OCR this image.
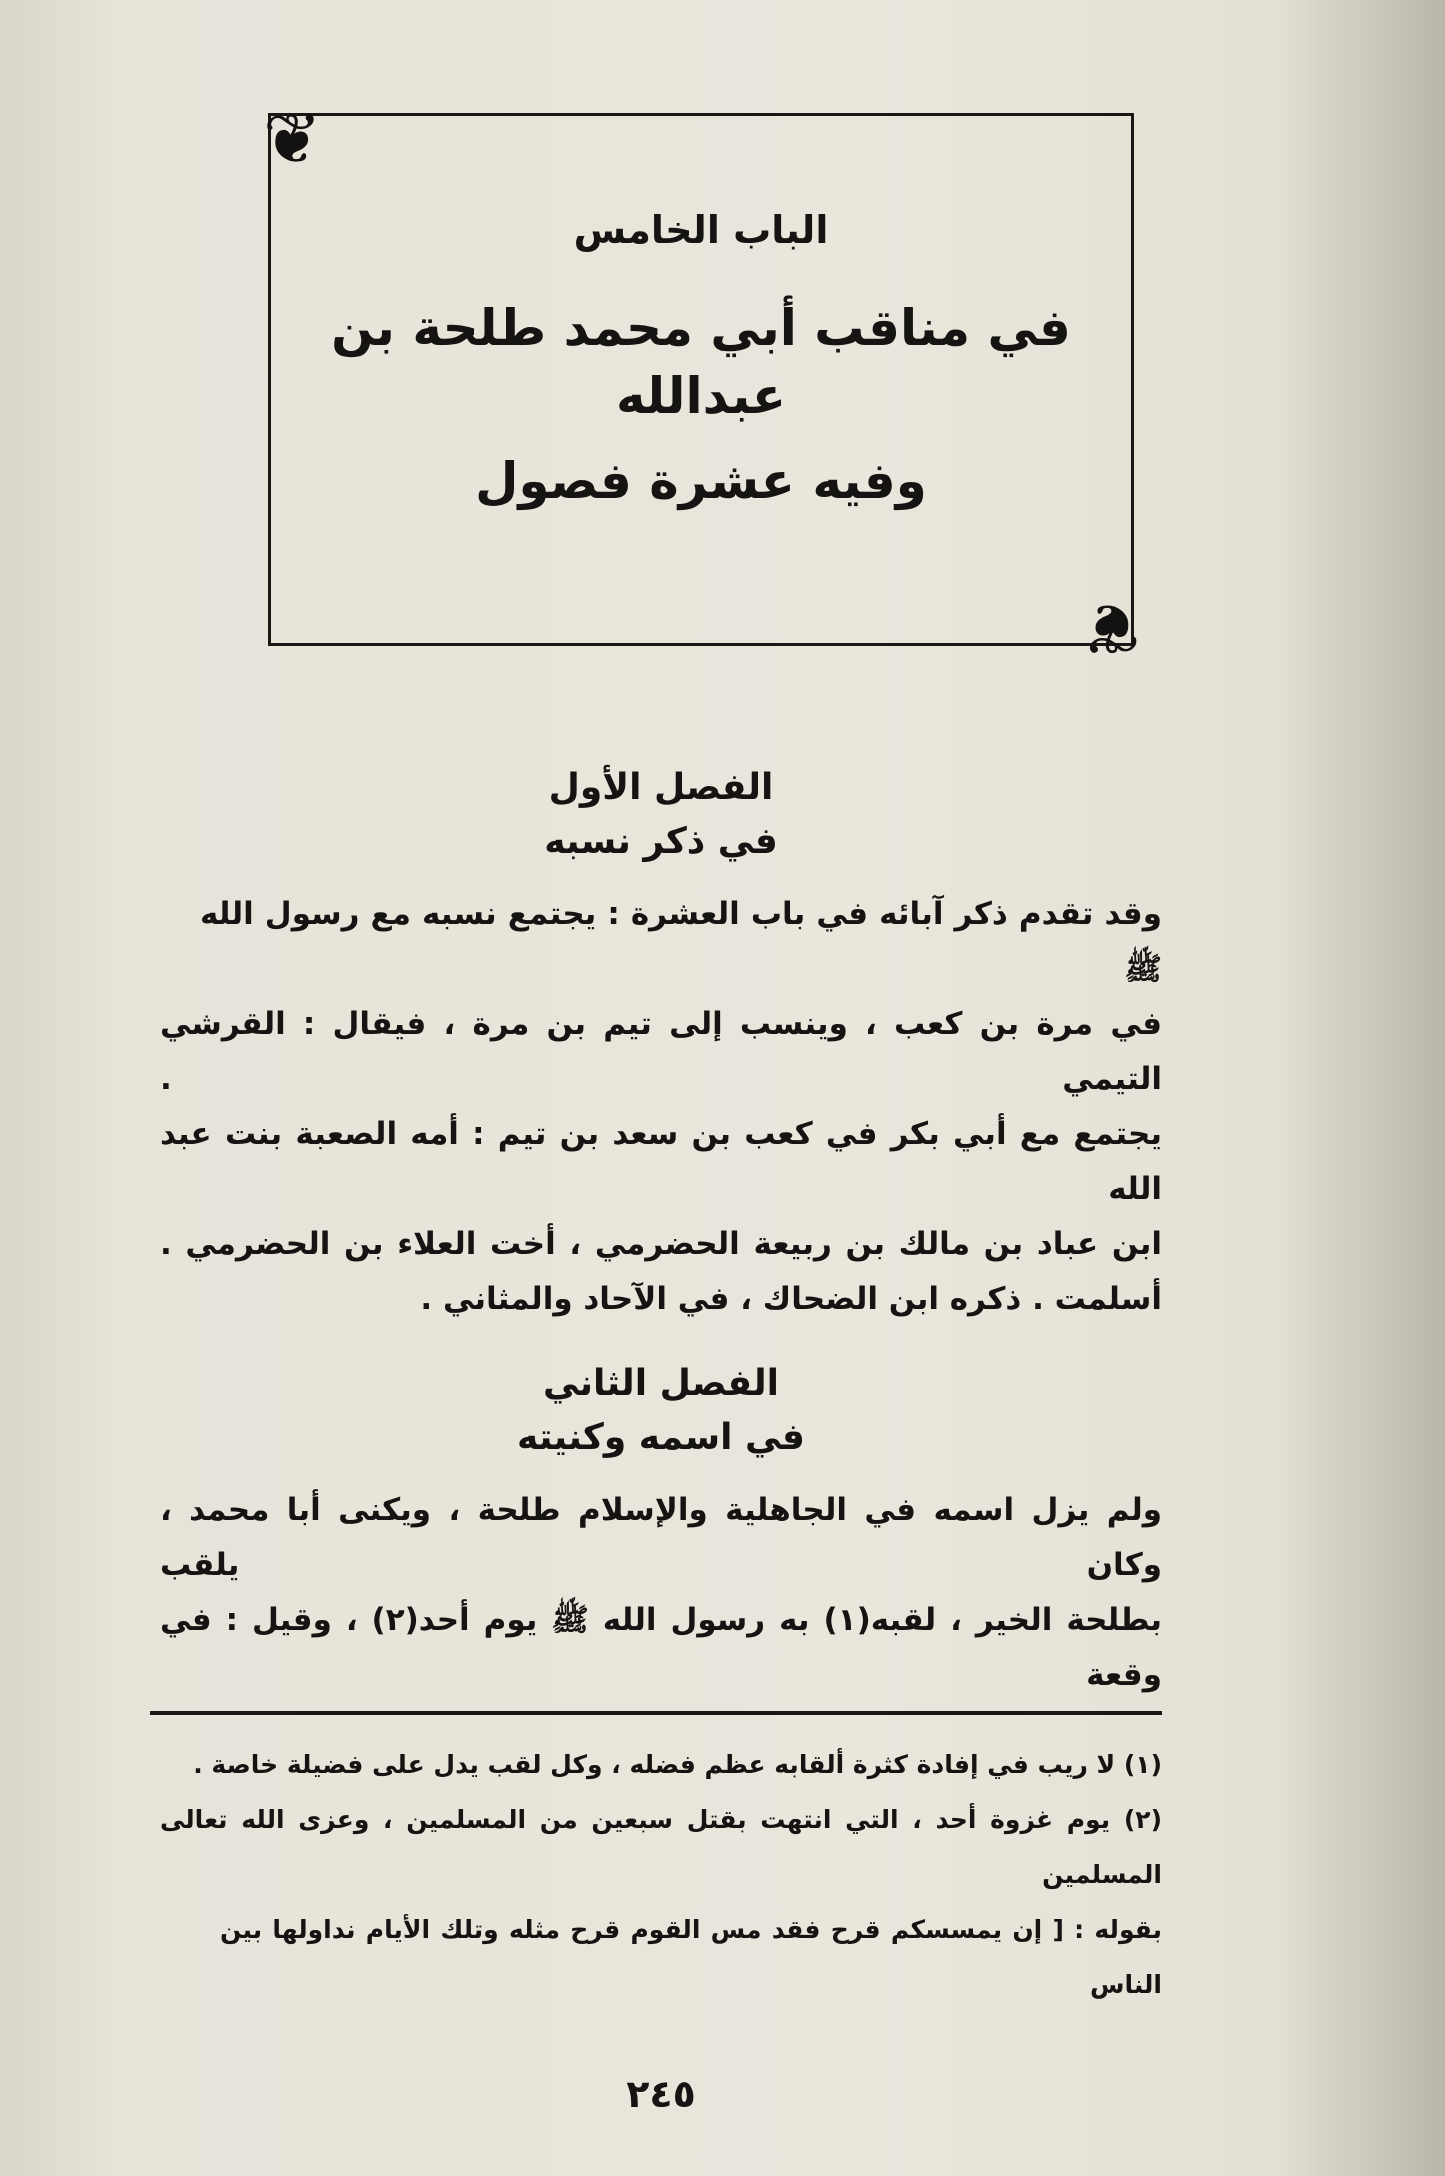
❦
❦
الباب الخامس
في مناقب أبي محمد طلحة بن عبدالله
وفيه عشرة فصول
الفصل الأول
في ذكر نسبه
وقد تقدم ذكر آبائه في باب العشرة : يجتمع نسبه مع رسول الله ﷺ
في مرة بن كعب ، وينسب إلى تيم بن مرة ، فيقال : القرشي التيمي .
يجتمع مع أبي بكر في كعب بن سعد بن تيم : أمه الصعبة بنت عبد الله
ابن عباد بن مالك بن ربيعة الحضرمي ، أخت العلاء بن الحضرمي .
أسلمت . ذكره ابن الضحاك ، في الآحاد والمثاني .
الفصل الثاني
في اسمه وكنيته
ولم يزل اسمه في الجاهلية والإسلام طلحة ، ويكنى أبا محمد ، وكان يلقب
بطلحة الخير ، لقبه(١) به رسول الله ﷺ يوم أحد(٢) ، وقيل : في وقعة
(١) لا ريب في إفادة كثرة ألقابه عظم فضله ، وكل لقب يدل على فضيلة خاصة .
(٢) يوم غزوة أحد ، التي انتهت بقتل سبعين من المسلمين ، وعزى الله تعالى المسلمين
بقوله : [ إن يمسسكم قرح فقد مس القوم قرح مثله وتلك الأيام نداولها بين الناس
٢٤٥
